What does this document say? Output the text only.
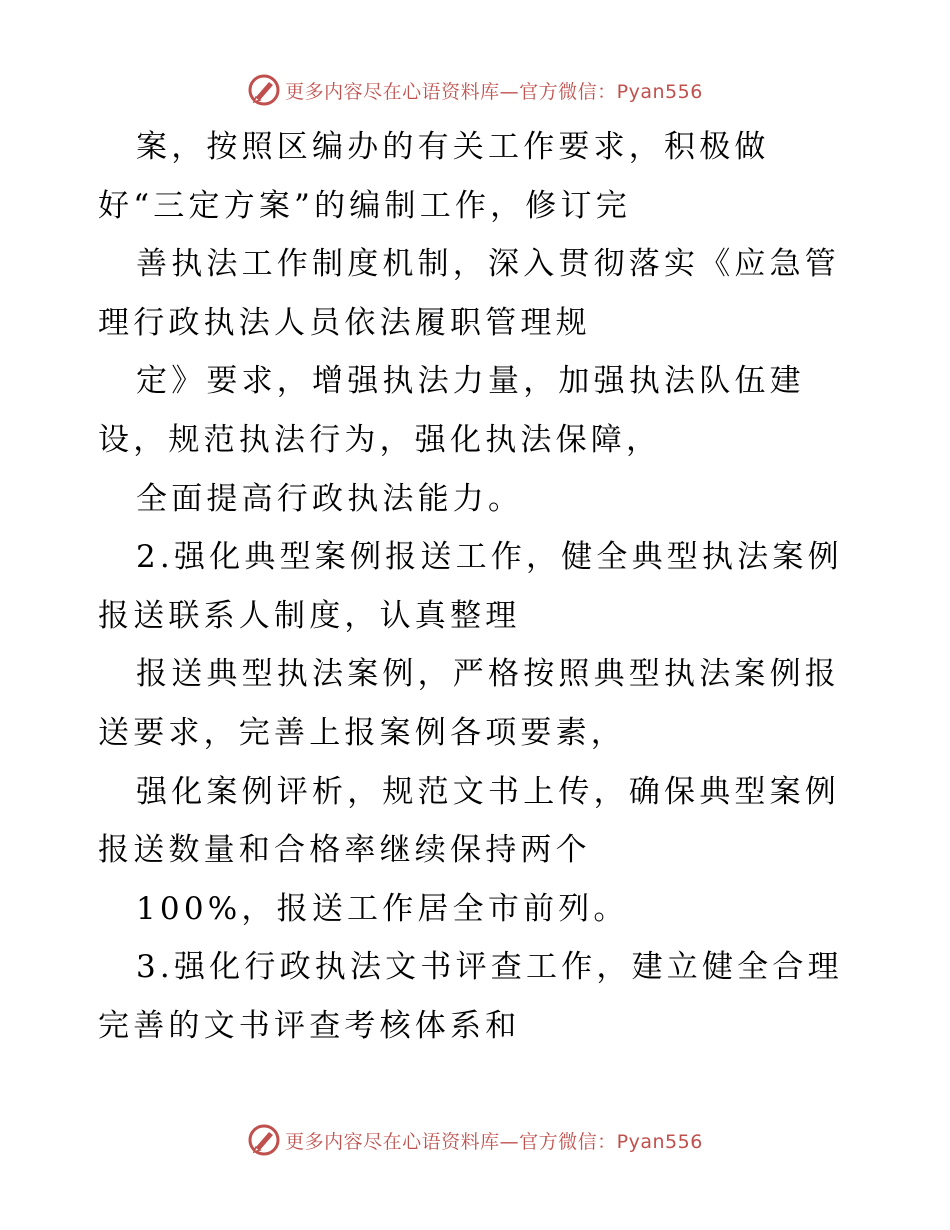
更多内容尽在心语资料库—官方微信：Pyan556

案，按照区编办的有关工作要求，积极做好“三定方案”的编制工作，修订完

善执法工作制度机制，深入贯彻落实《应急管理行政执法人员依法履职管理规

定》要求，增强执法力量，加强执法队伍建设，规范执法行为，强化执法保障，

全面提高行政执法能力。

2.强化典型案例报送工作，健全典型执法案例报送联系人制度，认真整理

报送典型执法案例，严格按照典型执法案例报送要求，完善上报案例各项要素，

强化案例评析，规范文书上传，确保典型案例报送数量和合格率继续保持两个

100%，报送工作居全市前列。

3.强化行政执法文书评查工作，建立健全合理完善的文书评查考核体系和

更多内容尽在心语资料库—官方微信：Pyan556
